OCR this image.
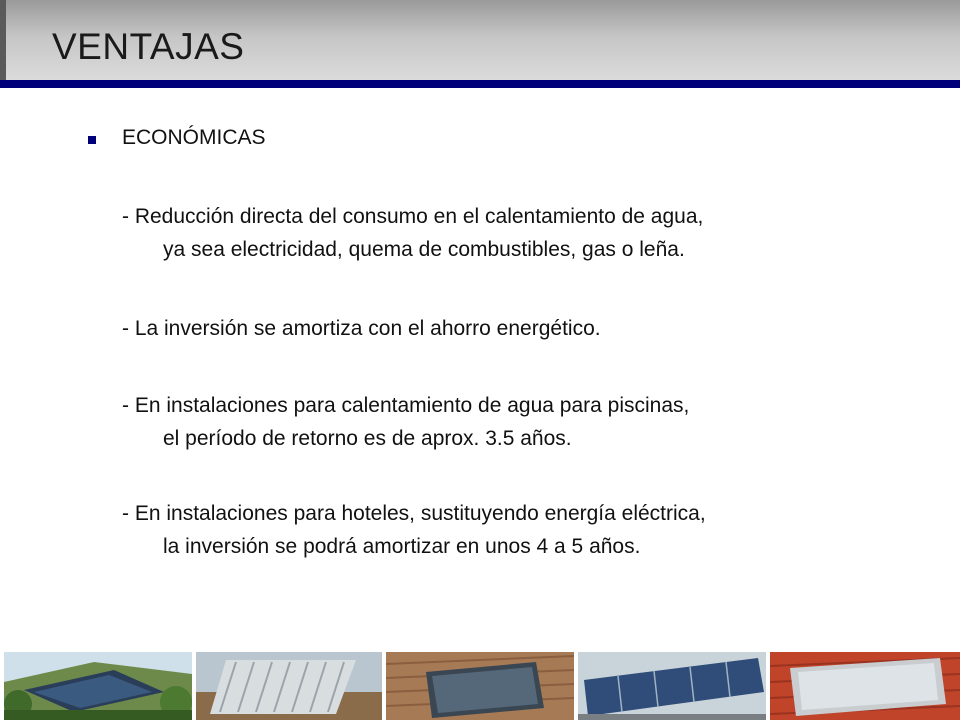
VENTAJAS
ECONÓMICAS
- Reducción directa del consumo en el calentamiento de agua,
ya sea electricidad, quema de combustibles, gas o leña.
- La inversión se amortiza con el ahorro energético.
- En instalaciones para calentamiento de agua para piscinas,
el período de retorno es de aprox. 3.5 años.
- En instalaciones para hoteles, sustituyendo energía eléctrica,
la inversión se podrá amortizar en unos 4 a 5 años.
